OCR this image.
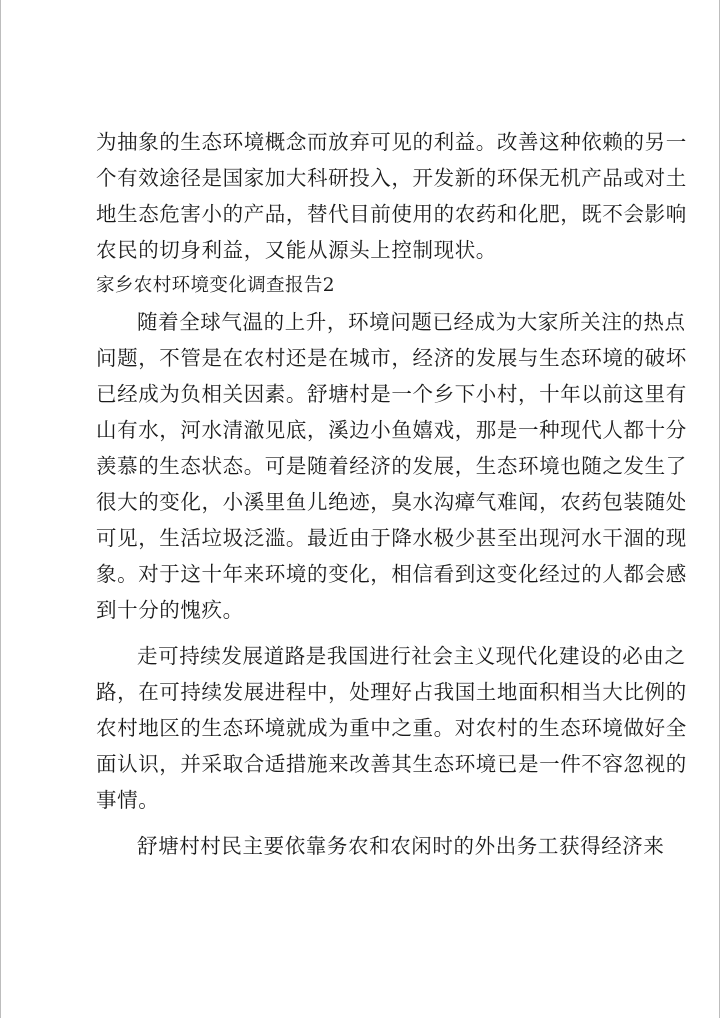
为抽象的生态环境概念而放弃可见的利益。改善这种依赖的另一
个有效途径是国家加大科研投入，开发新的环保无机产品或对土
地生态危害小的产品，替代目前使用的农药和化肥，既不会影响
农民的切身利益，又能从源头上控制现状。
家乡农村环境变化调查报告2
随着全球气温的上升，环境问题已经成为大家所关注的热点
问题，不管是在农村还是在城市，经济的发展与生态环境的破坏
已经成为负相关因素。舒塘村是一个乡下小村，十年以前这里有
山有水，河水清澈见底，溪边小鱼嬉戏，那是一种现代人都十分
羡慕的生态状态。可是随着经济的发展，生态环境也随之发生了
很大的变化，小溪里鱼儿绝迹，臭水沟瘴气难闻，农药包装随处
可见，生活垃圾泛滥。最近由于降水极少甚至出现河水干涸的现
象。对于这十年来环境的变化，相信看到这变化经过的人都会感
到十分的愧疚。
走可持续发展道路是我国进行社会主义现代化建设的必由之
路，在可持续发展进程中，处理好占我国土地面积相当大比例的
农村地区的生态环境就成为重中之重。对农村的生态环境做好全
面认识，并采取合适措施来改善其生态环境已是一件不容忽视的
事情。
舒塘村村民主要依靠务农和农闲时的外出务工获得经济来
